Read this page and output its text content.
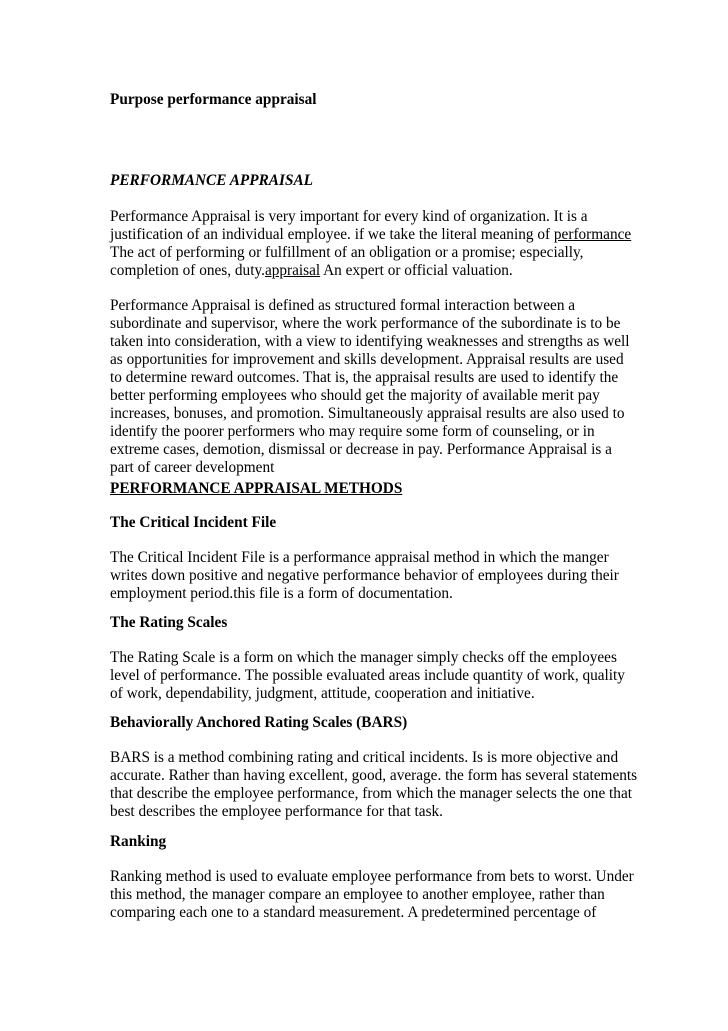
Purpose performance appraisal
PERFORMANCE APPRAISAL
Performance Appraisal is very important for every kind of organization. It is a
justification of an individual employee. if we take the literal meaning of performance
The act of performing or fulfillment of an obligation or a promise; especially,
completion of ones, duty.appraisal An expert or official valuation.
Performance Appraisal is defined as structured formal interaction between a
subordinate and supervisor, where the work performance of the subordinate is to be
taken into consideration, with a view to identifying weaknesses and strengths as well
as opportunities for improvement and skills development. Appraisal results are used
to determine reward outcomes. That is, the appraisal results are used to identify the
better performing employees who should get the majority of available merit pay
increases, bonuses, and promotion. Simultaneously appraisal results are also used to
identify the poorer performers who may require some form of counseling, or in
extreme cases, demotion, dismissal or decrease in pay. Performance Appraisal is a
part of career development
PERFORMANCE APPRAISAL METHODS
The Critical Incident File
The Critical Incident File is a performance appraisal method in which the manger
writes down positive and negative performance behavior of employees during their
employment period.this file is a form of documentation.
The Rating Scales
The Rating Scale is a form on which the manager simply checks off the employees
level of performance. The possible evaluated areas include quantity of work, quality
of work, dependability, judgment, attitude, cooperation and initiative.
Behaviorally Anchored Rating Scales (BARS)
BARS is a method combining rating and critical incidents. Is is more objective and
accurate. Rather than having excellent, good, average. the form has several statements
that describe the employee performance, from which the manager selects the one that
best describes the employee performance for that task.
Ranking
Ranking method is used to evaluate employee performance from bets to worst. Under
this method, the manager compare an employee to another employee, rather than
comparing each one to a standard measurement. A predetermined percentage of
